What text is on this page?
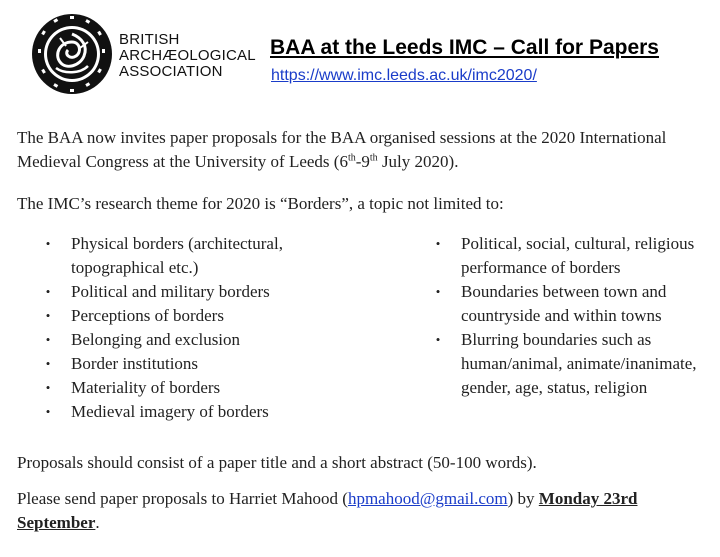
BRITISH
ARCHÆOLOGICAL
ASSOCIATION
BAA at the Leeds IMC – Call for Papers
https://www.imc.leeds.ac.uk/imc2020/
The BAA now invites paper proposals for the BAA organised sessions at the 2020 International Medieval Congress at the University of Leeds (6th-9th July 2020).
The IMC’s research theme for 2020 is “Borders”, a topic not limited to:
•	Physical borders (architectural, topographical etc.)
•	Political and military borders
•	Perceptions of borders
•	Belonging and exclusion
•	Border institutions
•	Materiality of borders
•	Medieval imagery of borders
•	Political, social, cultural, religious performance of borders
•	Boundaries between town and countryside and within towns
•	Blurring boundaries such as human/animal, animate/inanimate, gender, age, status, religion
Proposals should consist of a paper title and a short abstract (50-100 words).
Please send paper proposals to Harriet Mahood (hpmahood@gmail.com) by Monday 23rd September.
